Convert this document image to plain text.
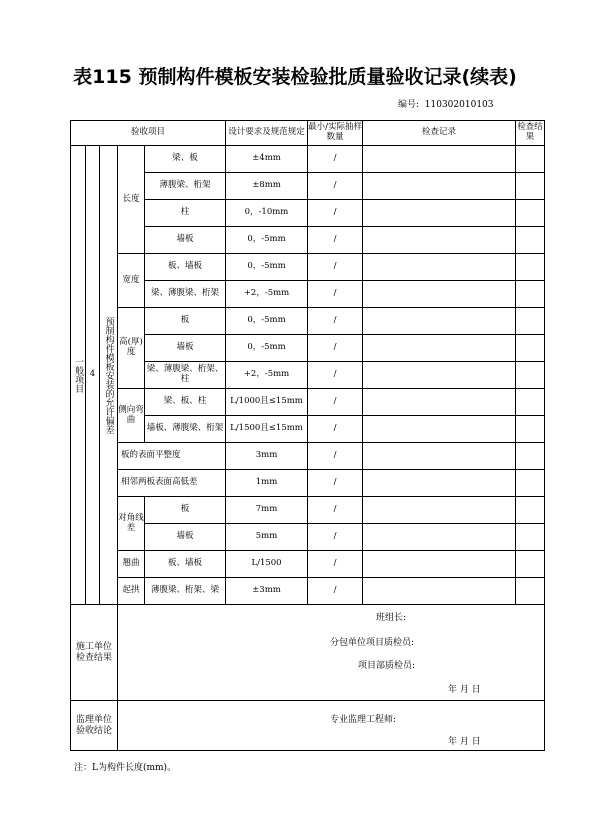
表115 预制构件模板安装检验批质量验收记录(续表)
编号: 110302010103
验收项目					设计要求及规范规定	最小/实际抽样数量	检查记录	检查结果
一般项目	4	预制构件模板安装的允许偏差	长度	梁、板	±4mm	/		
				薄腹梁、桁架	±8mm	/		
				柱	0，-10mm	/		
				墙板	0，-5mm	/		
			宽度	板、墙板	0，-5mm	/		
				梁、薄腹梁、桁架	+2，-5mm	/		
			高(厚)度	板	0，-5mm	/		
				墙板	0，-5mm	/		
				梁、薄腹梁、桁架、柱	+2，-5mm	/		
			侧向弯曲	梁、板、柱	L/1000且≤15mm	/		
				墙板、薄腹梁、桁架	L/1500且≤15mm	/		
			板的表面平整度		3mm	/		
			相邻两板表面高低差		1mm	/		
			对角线差	板	7mm	/		
				墙板	5mm	/		
			翘曲	板、墙板	L/1500	/		
			起拱	薄腹梁、桁架、梁	±3mm	/		
施工单位检查结果			班组长:
分包单位项目质检员:
项目部质检员:
年 月 日					

监理单位验收结论			专业监理工程师:
年 月 日					
注：L为构件长度(mm)。
